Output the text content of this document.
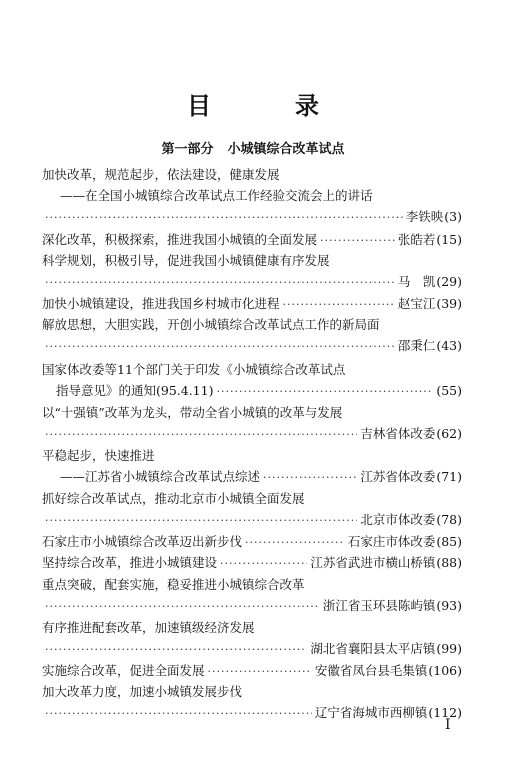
目　录
第一部分 小城镇综合改革试点
加快改革，规范起步，依法建设，健康发展
——在全国小城镇综合改革试点工作经验交流会上的讲话
·····
李铁映 (3)
深化改革，积极探索，推进我国小城镇的全面发展 ·····	张皓若 (15)
科学规划，积极引导，促进我国小城镇健康有序发展
·····
马　凯 (29)
加快小城镇建设，推进我国乡村城市化进程 ·····	赵宝江 (39)
解放思想，大胆实践，开创小城镇综合改革试点工作的新局面
·····
邵秉仁 (43)
国家体改委等11个部门关于印发《小城镇综合改革试点
指导意见》的通知(95.4.11) ·····	(55)
以“十强镇”改革为龙头，带动全省小城镇的改革与发展
·····
吉林省体改委 (62)
平稳起步，快速推进
——江苏省小城镇综合改革试点综述 ·····	江苏省体改委 (71)
抓好综合改革试点，推动北京市小城镇全面发展
·····
北京市体改委 (78)
石家庄市小城镇综合改革迈出新步伐 ·····	石家庄市体改委 (85)
坚持综合改革，推进小城镇建设 ·····	江苏省武进市横山桥镇 (88)
重点突破，配套实施，稳妥推进小城镇综合改革
·····
浙江省玉环县陈屿镇 (93)
有序推进配套改革，加速镇级经济发展
·····
湖北省襄阳县太平店镇 (99)
实施综合改革，促进全面发展 ·····	安徽省凤台县毛集镇 (106)
加大改革力度，加速小城镇发展步伐
·····
辽宁省海城市西柳镇 (112)
I
